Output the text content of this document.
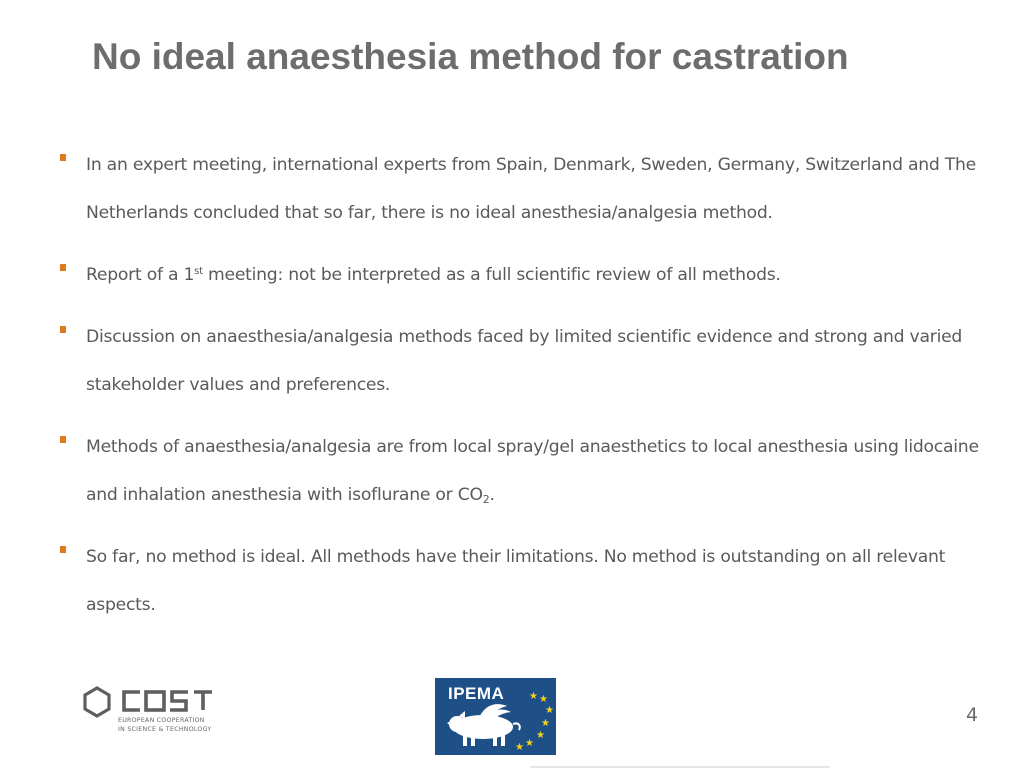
No ideal anaesthesia method for castration
In an expert meeting, international experts from Spain, Denmark, Sweden, Germany, Switzerland and The Netherlands concluded that so far, there is no ideal anesthesia/analgesia method.
Report of a 1st meeting: not be interpreted as a full scientific review of all methods.
Discussion on anaesthesia/analgesia methods faced by limited scientific evidence and strong and varied stakeholder values and preferences.
Methods of anaesthesia/analgesia are from local spray/gel anaesthetics to local anesthesia using lidocaine and inhalation anesthesia with isoflurane or $CO_2$.
So far, no method is ideal. All methods have their limitations. No method is outstanding on all relevant aspects.
EUROPEAN COOPERATION
IN SCIENCE & TECHNOLOGY
★ ★
★
★
★
★
★
IPEMA
4
